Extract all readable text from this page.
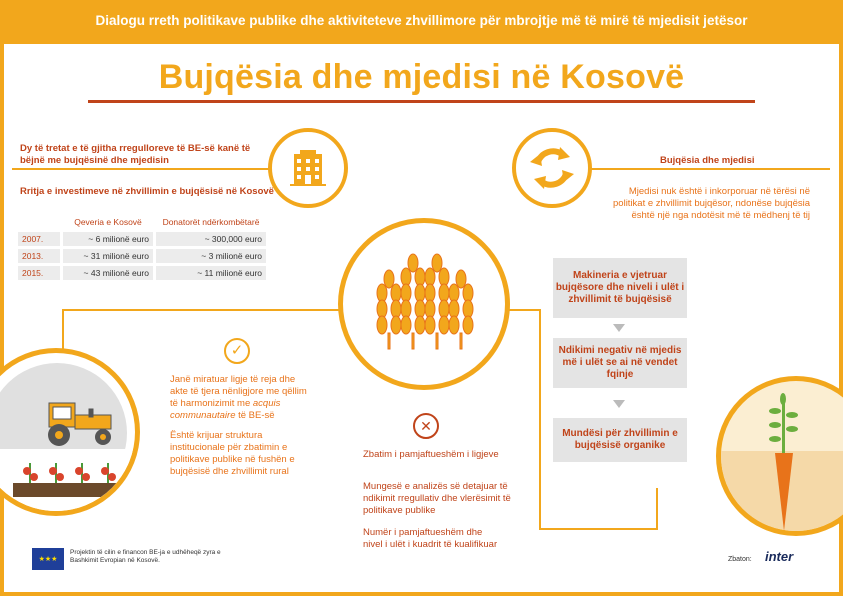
Dialogu rreth politikave publike dhe aktiviteteve zhvillimore për mbrojtje më të mirë të mjedisit jetësor
Bujqësia dhe mjedisi në Kosovë
Dy të tretat e të gjitha rregulloreve të BE-së kanë të bëjnë me bujqësinë dhe mjedisin
Rritja e investimeve në zhvillimin e bujqësisë në Kosovë
	Qeveria e Kosovë	Donatorët ndërkombëtarë
2007.	~ 6 milionë euro	~ 300,000 euro
2013.	~ 31 milionë euro	~ 3 milionë euro
2015.	~ 43 milionë euro	~ 11 milionë euro
Bujqësia dhe mjedisi
Mjedisi nuk është i inkorporuar në tërësi në politikat e zhvillimit bujqësor, ndonëse bujqësia është një nga ndotësit më të mëdhenj të tij
Makineria e vjetruar bujqësore dhe niveli i ulët i zhvillimit të bujqësisë
Ndikimi negativ në mjedis më i ulët se ai në vendet fqinje
Mundësi për zhvillimin e bujqësisë organike
✓
Janë miratuar ligje të reja dhe akte të tjera nënligjore me qëllim të harmonizimit me acquis communautaire të BE-së
Është krijuar struktura institucionale për zbatimin e politikave publike në fushën e bujqësisë dhe zhvillimit rural
✕
Zbatim i pamjaftueshëm i ligjeve
Mungesë e analizës së detajuar të ndikimit rregullativ dhe vlerësimit të politikave publike
Numër i pamjaftueshëm dhe nivel i ulët i kuadrit të kualifikuar
★★★
Projektin të cilin e financon BE-ja e udhëheqë zyra e Bashkimit Evropian në Kosovë.	Zbaton: inter
